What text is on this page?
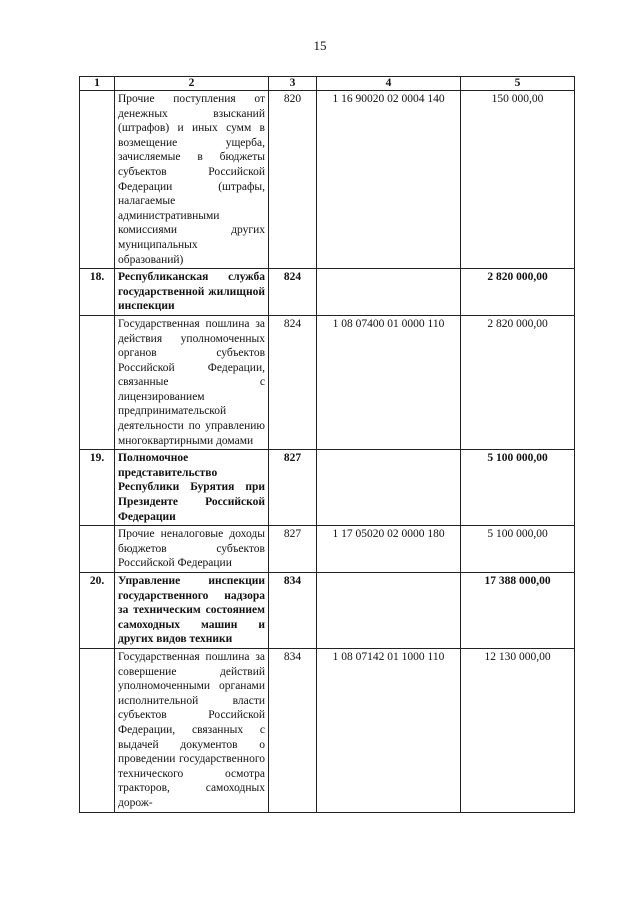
15
1	2	3	4	5
	Прочие поступления от денежных взысканий (штрафов) и иных сумм в возмещение ущерба, зачисляемые в бюджеты субъектов Российской Федерации (штрафы, налагаемые административными комиссиями других муниципальных образований)	820	1 16 90020 02 0004 140	150 000,00
18.	Республиканская служба государственной жилищной инспекции	824		2 820 000,00
	Государственная пошлина за действия уполномоченных органов субъектов Российской Федерации, связанные с лицензированием предпринимательской деятельности по управлению многоквартирными домами	824	1 08 07400 01 0000 110	2 820 000,00
19.	Полномочное представительство Республики Бурятия при Президенте Российской Федерации	827		5 100 000,00
	Прочие неналоговые доходы бюджетов субъектов Российской Федерации	827	1 17 05020 02 0000 180	5 100 000,00
20.	Управление инспекции государственного надзора за техническим состоянием самоходных машин и других видов техники	834		17 388 000,00
	Государственная пошлина за совершение действий уполномоченными органами исполнительной власти субъектов Российской Федерации, связанных с выдачей документов о проведении государственного технического осмотра тракторов, самоходных дорож-	834	1 08 07142 01 1000 110	12 130 000,00
